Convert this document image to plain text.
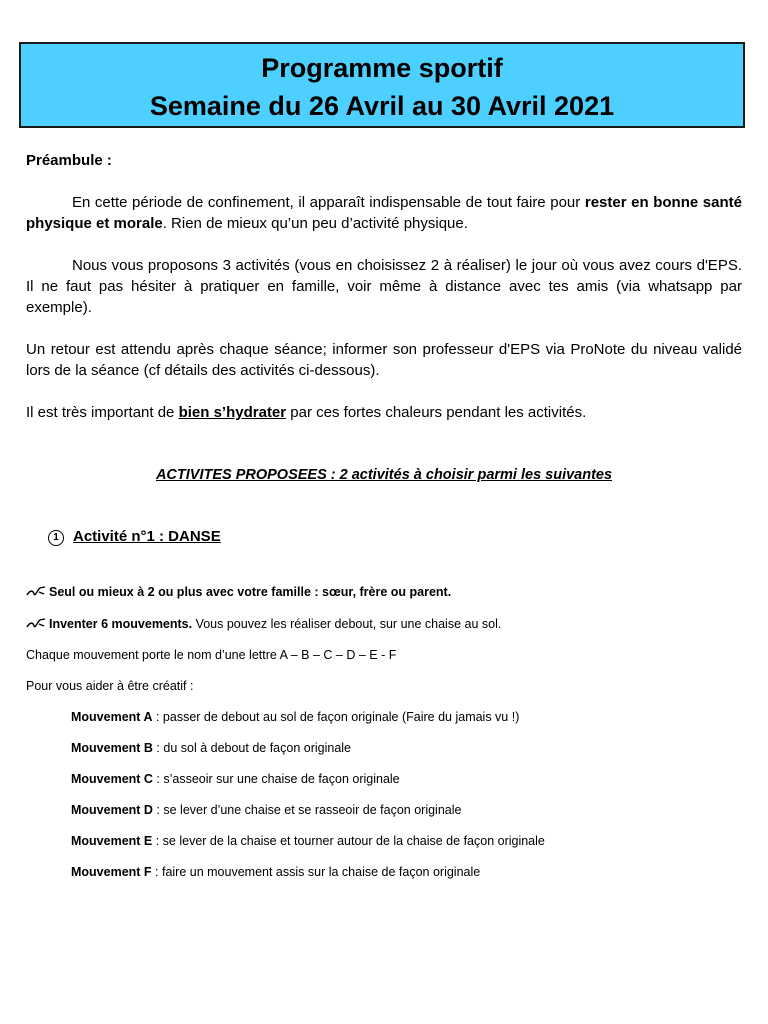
Programme sportif
Semaine du 26 Avril au 30 Avril 2021

Préambule :

En cette période de confinement, il apparaît indispensable de tout faire pour rester en bonne santé physique et morale. Rien de mieux qu’un peu d’activité physique.

Nous vous proposons 3 activités (vous en choisissez 2 à réaliser) le jour où vous avez cours d'EPS. Il ne faut pas hésiter à pratiquer en famille, voir même à distance avec tes amis (via whatsapp par exemple).

Un retour est attendu après chaque séance; informer son professeur d'EPS via ProNote du niveau validé lors de la séance (cf détails des activités ci-dessous).

Il est très important de bien s’hydrater par ces fortes chaleurs pendant les activités.

ACTIVITES PROPOSEES : 2 activités à choisir parmi les suivantes

1 Activité n°1 : DANSE
Seul ou mieux à 2 ou plus avec votre famille : sœur, frère ou parent.
Inventer 6 mouvements. Vous pouvez les réaliser debout, sur une chaise au sol.
Chaque mouvement porte le nom d’une lettre A – B – C – D – E - F
Pour vous aider à être créatif :
Mouvement A : passer de debout au sol de façon originale (Faire du jamais vu !)
Mouvement B : du sol à debout de façon originale
Mouvement C : s’asseoir sur une chaise de façon originale
Mouvement D : se lever d’une chaise et se rasseoir de façon originale
Mouvement E : se lever de la chaise et tourner autour de la chaise de façon originale
Mouvement F : faire un mouvement assis sur la chaise de façon originale
